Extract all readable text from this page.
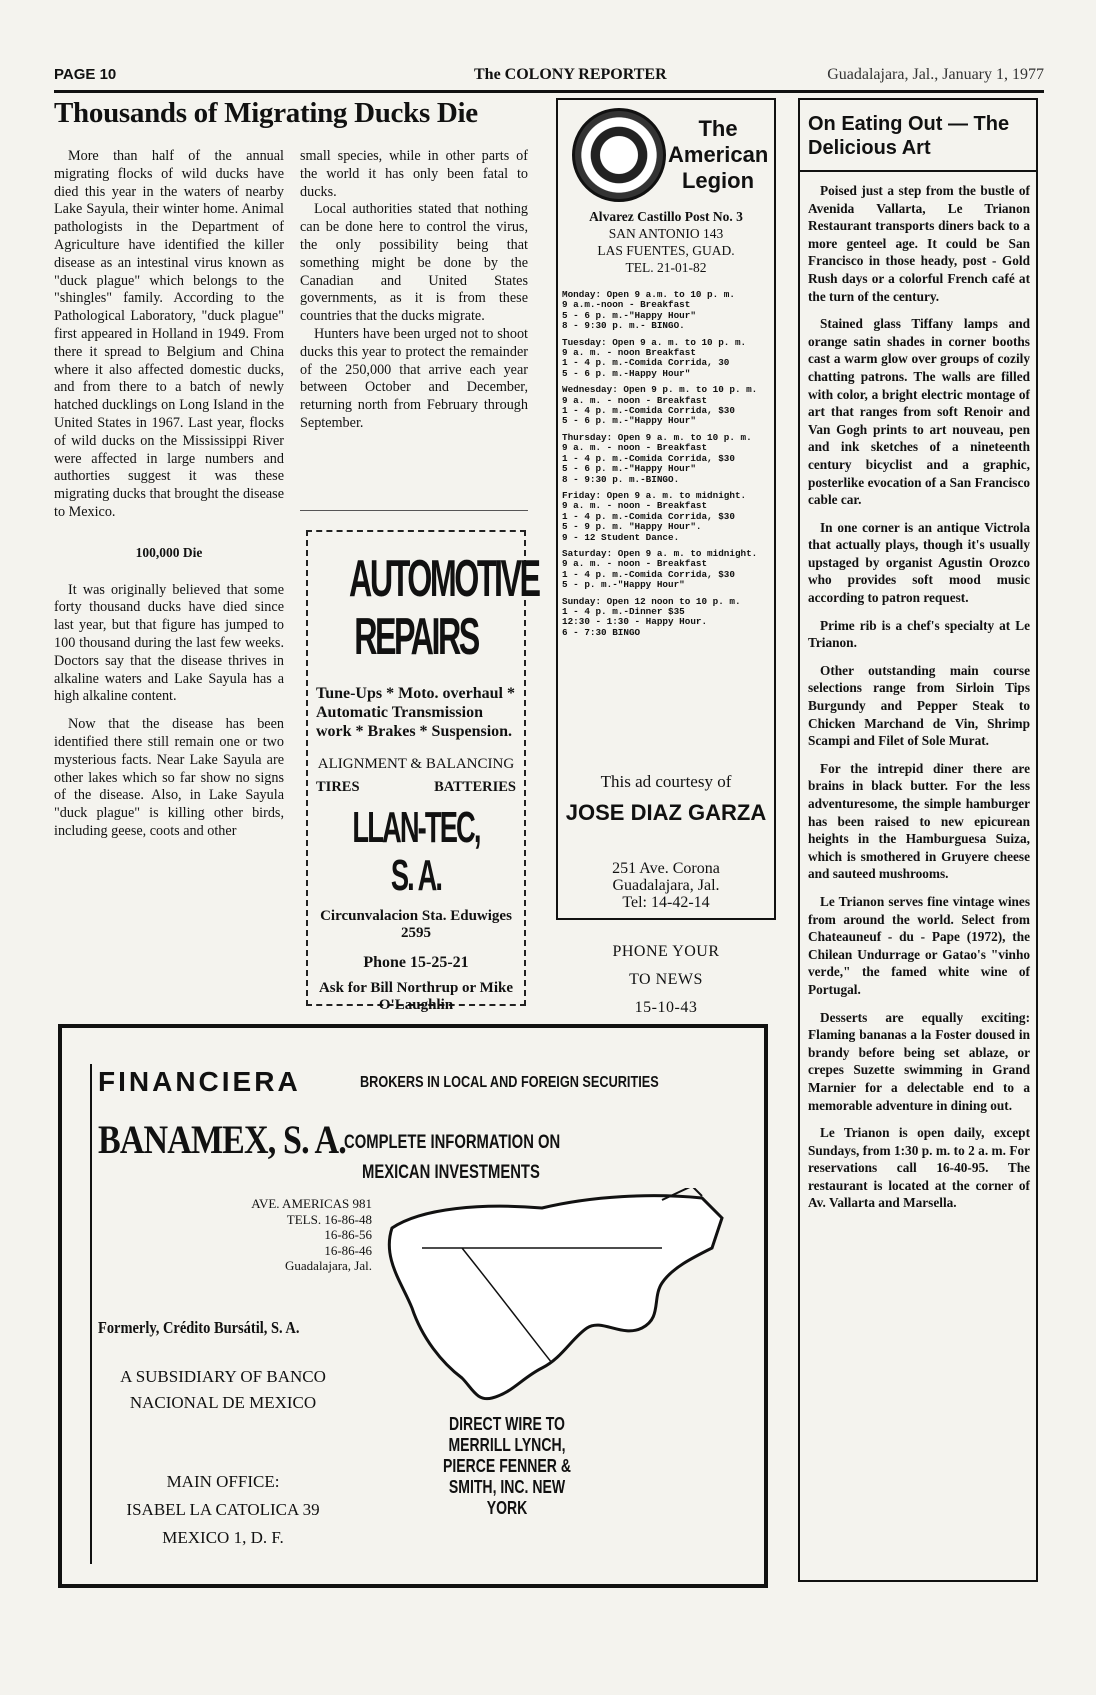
PAGE 10	The COLONY REPORTER	Guadalajara, Jal., January 1, 1977
Thousands of Migrating Ducks Die

More than half of the annual migrating flocks of wild ducks have died this year in the waters of nearby Lake Sayula, their winter home. Animal pathologists in the Department of Agriculture have identified the killer disease as an intestinal virus known as "duck plague" which belongs to the "shingles" family. According to the Pathological Laboratory, "duck plague" first appeared in Holland in 1949. From there it spread to Belgium and China where it also affected domestic ducks, and from there to a batch of newly hatched ducklings on Long Island in the United States in 1967. Last year, flocks of wild ducks on the Mississippi River were affected in large numbers and authorties suggest it was these migrating ducks that brought the disease to Mexico.

100,000 Die

It was originally believed that some forty thousand ducks have died since last year, but that figure has jumped to 100 thousand during the last few weeks. Doctors say that the disease thrives in alkaline waters and Lake Sayula has a high alkaline content.

Now that the disease has been identified there still remain one or two mysterious facts. Near Lake Sayula are other lakes which so far show no signs of the disease. Also, in Lake Sayula "duck plague" is killing other birds, including geese, coots and other

small species, while in other parts of the world it has only been fatal to ducks.

Local authorities stated that nothing can be done here to control the virus, the only possibility being that something might be done by the Canadian and United States governments, as it is from these countries that the ducks migrate.

Hunters have been urged not to shoot ducks this year to protect the remainder of the 250,000 that arrive each year between October and December, returning north from February through September.

AUTOMOTIVE
REPAIRS
Tune-Ups * Moto. overhaul * Automatic Transmission work * Brakes * Suspension.
ALIGNMENT & BALANCING
TIRES	BATTERIES
LLAN-TEC, S. A.
Circunvalacion Sta. Eduwiges 2595
Phone 15-25-21
Ask for Bill Northrup or Mike O'Laughlin
The American Legion
Alvarez Castillo Post No. 3
SAN ANTONIO 143
LAS FUENTES, GUAD.
TEL. 21-01-82
Monday: Open 9 a.m. to 10 p. m.
9 a.m.-noon - Breakfast
5 - 6 p. m.-"Happy Hour"
8 - 9:30 p. m.- BINGO.
Tuesday: Open 9 a. m. to 10 p. m.
9 a. m. - noon Breakfast
1 - 4 p. m.-Comida Corrida, 30
5 - 6 p. m.-Happy Hour"
Wednesday: Open 9 p. m. to 10 p. m.
9 a. m. - noon - Breakfast
1 - 4 p. m.-Comida Corrida, $30
5 - 6 p. m.-"Happy Hour"
Thursday: Open 9 a. m. to 10 p. m.
9 a. m. - noon - Breakfast
1 - 4 p. m.-Comida Corrida, $30
5 - 6 p. m.-"Happy Hour"
8 - 9:30 p. m.-BINGO.
Friday: Open 9 a. m. to midnight.
9 a. m. - noon - Breakfast
1 - 4 p. m.-Comida Corrida, $30
5 - 9 p. m. "Happy Hour".
9 - 12 Student Dance.
Saturday: Open 9 a. m. to midnight.
9 a. m. - noon - Breakfast
1 - 4 p. m.-Comida Corrida, $30
5 - p. m.-"Happy Hour"
Sunday: Open 12 noon to 10 p. m.
1 - 4 p. m.-Dinner $35
12:30 - 1:30 - Happy Hour.
6 - 7:30 BINGO
This ad courtesy of
JOSE DIAZ GARZA
251 Ave. Corona
Guadalajara, Jal.
Tel: 14-42-14
PHONE YOUR
TO NEWS
15-10-43
On Eating Out — The Delicious Art

Poised just a step from the bustle of Avenida Vallarta, Le Trianon Restaurant transports diners back to a more genteel age. It could be San Francisco in those heady, post - Gold Rush days or a colorful French café at the turn of the century.

Stained glass Tiffany lamps and orange satin shades in corner booths cast a warm glow over groups of cozily chatting patrons. The walls are filled with color, a bright electric montage of art that ranges from soft Renoir and Van Gogh prints to art nouveau, pen and ink sketches of a nineteenth century bicyclist and a graphic, posterlike evocation of a San Francisco cable car.

In one corner is an antique Victrola that actually plays, though it's usually upstaged by organist Agustin Orozco who provides soft mood music according to patron request.

Prime rib is a chef's specialty at Le Trianon.

Other outstanding main course selections range from Sirloin Tips Burgundy and Pepper Steak to Chicken Marchand de Vin, Shrimp Scampi and Filet of Sole Murat.

For the intrepid diner there are brains in black butter. For the less adventuresome, the simple hamburger has been raised to new epicurean heights in the Hamburguesa Suiza, which is smothered in Gruyere cheese and sauteed mushrooms.

Le Trianon serves fine vintage wines from around the world. Select from Chateauneuf - du - Pape (1972), the Chilean Undurrage or Gatao's "vinho verde," the famed white wine of Portugal.

Desserts are equally exciting: Flaming bananas a la Foster doused in brandy before being set ablaze, or crepes Suzette swimming in Grand Marnier for a delectable end to a memorable adventure in dining out.

Le Trianon is open daily, except Sundays, from 1:30 p. m. to 2 a. m. For reservations call 16-40-95. The restaurant is located at the corner of Av. Vallarta and Marsella.

FINANCIERA	BROKERS IN LOCAL AND FOREIGN SECURITIES
BANAMEX, S. A.
COMPLETE INFORMATION ON
MEXICAN INVESTMENTS
AVE. AMERICAS 981
TELS. 16-86-48
16-86-56
16-86-46
Guadalajara, Jal.
Formerly, Crédito Bursátil, S. A.
A SUBSIDIARY OF BANCO NACIONAL DE MEXICO
MAIN OFFICE:
ISABEL LA CATOLICA 39
MEXICO 1, D. F.
DIRECT WIRE TO MERRILL LYNCH, PIERCE FENNER & SMITH, INC. NEW YORK
